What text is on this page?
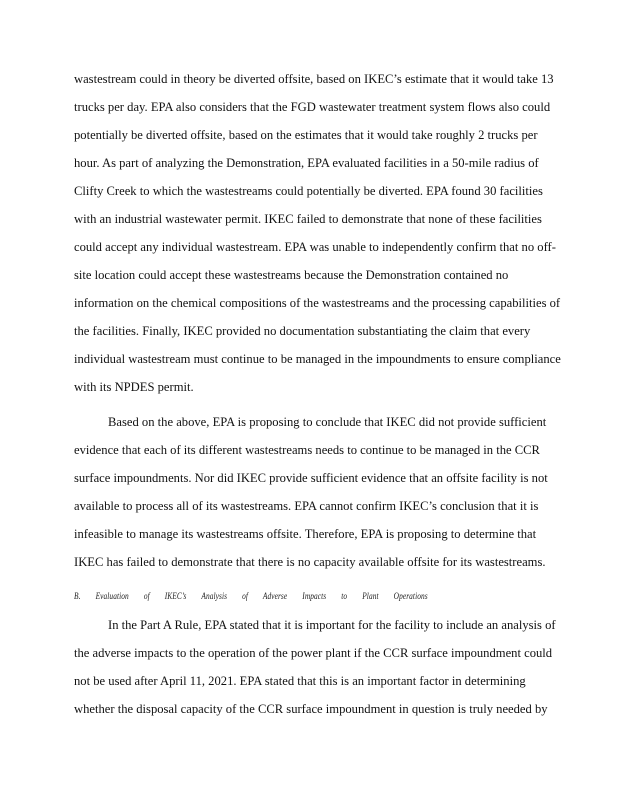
wastestream could in theory be diverted offsite, based on IKEC’s estimate that it would take 13

trucks per day. EPA also considers that the FGD wastewater treatment system flows also could

potentially be diverted offsite, based on the estimates that it would take roughly 2 trucks per

hour. As part of analyzing the Demonstration, EPA evaluated facilities in a 50-mile radius of

Clifty Creek to which the wastestreams could potentially be diverted. EPA found 30 facilities

with an industrial wastewater permit. IKEC failed to demonstrate that none of these facilities

could accept any individual wastestream. EPA was unable to independently confirm that no off-

site location could accept these wastestreams because the Demonstration contained no

information on the chemical compositions of the wastestreams and the processing capabilities of

the facilities. Finally, IKEC provided no documentation substantiating the claim that every

individual wastestream must continue to be managed in the impoundments to ensure compliance

with its NPDES permit.

Based on the above, EPA is proposing to conclude that IKEC did not provide sufficient

evidence that each of its different wastestreams needs to continue to be managed in the CCR

surface impoundments. Nor did IKEC provide sufficient evidence that an offsite facility is not

available to process all of its wastestreams. EPA cannot confirm IKEC’s conclusion that it is

infeasible to manage its wastestreams offsite. Therefore, EPA is proposing to determine that

IKEC has failed to demonstrate that there is no capacity available offsite for its wastestreams.

B. Evaluation of IKEC’s Analysis of Adverse Impacts to Plant Operations

In the Part A Rule, EPA stated that it is important for the facility to include an analysis of

the adverse impacts to the operation of the power plant if the CCR surface impoundment could

not be used after April 11, 2021. EPA stated that this is an important factor in determining

whether the disposal capacity of the CCR surface impoundment in question is truly needed by
